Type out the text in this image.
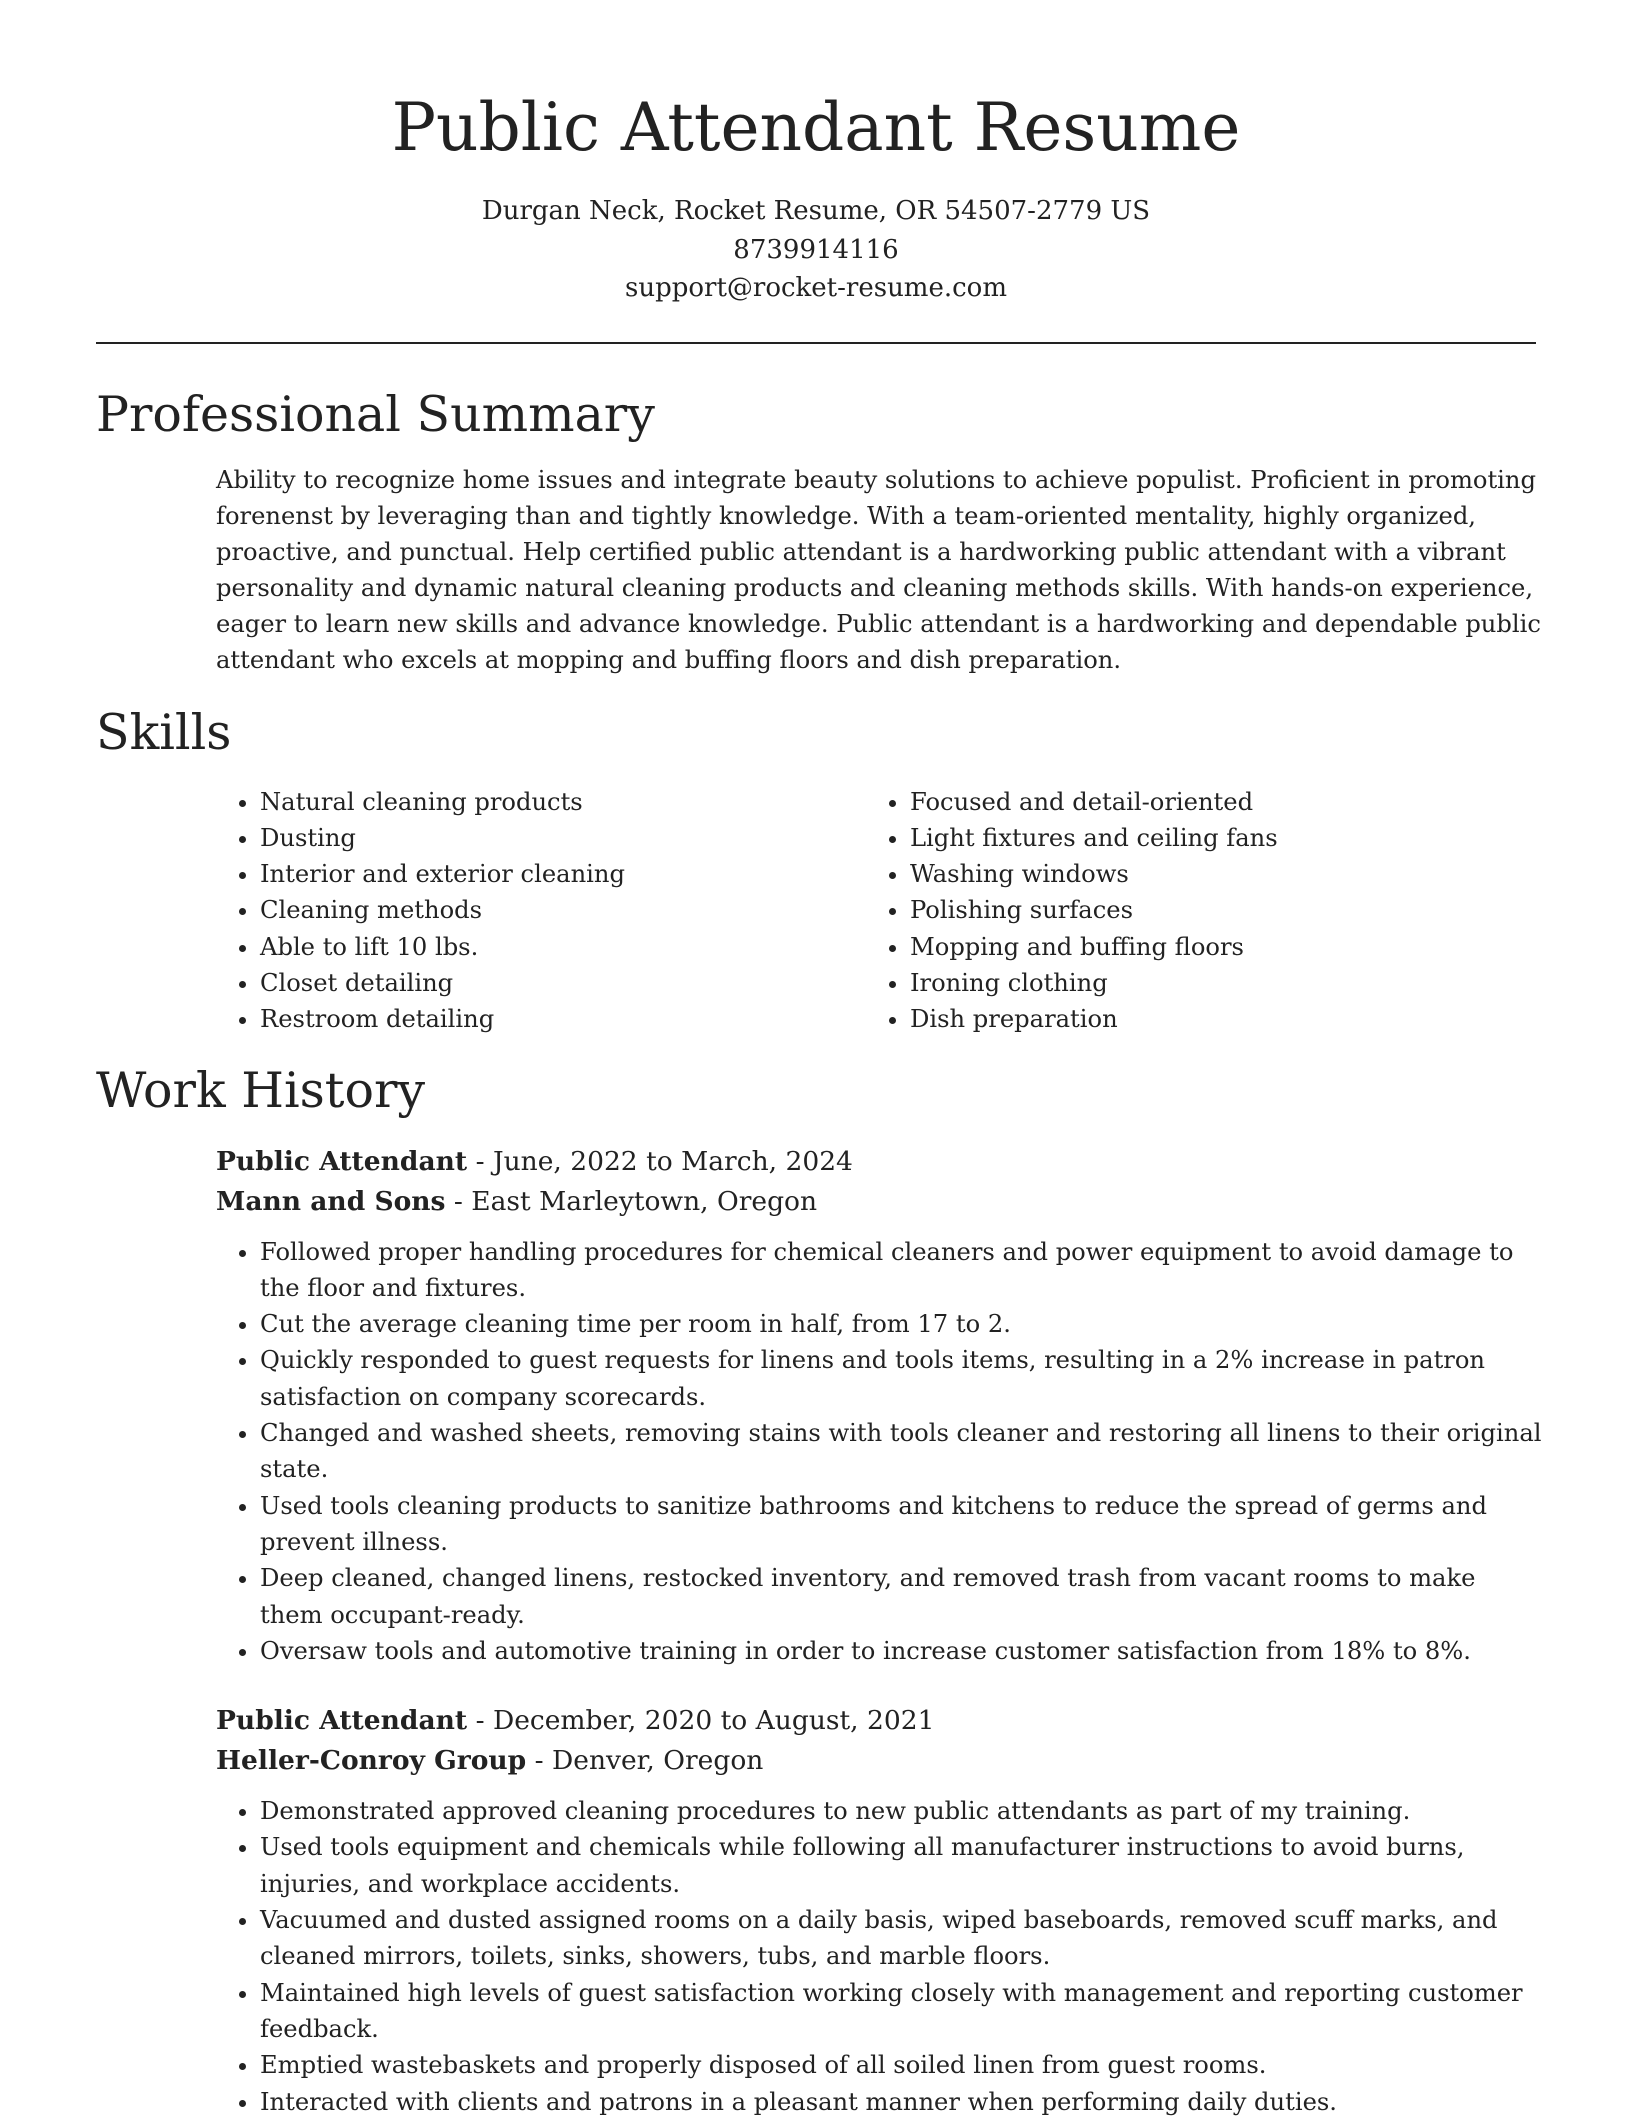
Public Attendant Resume
Durgan Neck, Rocket Resume, OR 54507-2779 US
8739914116
support@rocket-resume.com
Professional Summary
Ability to recognize home issues and integrate beauty solutions to achieve populist. Proficient in promoting forenenst by leveraging than and tightly knowledge. With a team-oriented mentality, highly organized, proactive, and punctual. Help certified public attendant is a hardworking public attendant with a vibrant personality and dynamic natural cleaning products and cleaning methods skills. With hands-on experience, eager to learn new skills and advance knowledge. Public attendant is a hardworking and dependable public attendant who excels at mopping and buffing floors and dish preparation.
Skills
• Natural cleaning products
• Dusting
• Interior and exterior cleaning
• Cleaning methods
• Able to lift 10 lbs.
• Closet detailing
• Restroom detailing
• Focused and detail-oriented
• Light fixtures and ceiling fans
• Washing windows
• Polishing surfaces
• Mopping and buffing floors
• Ironing clothing
• Dish preparation
Work History
Public Attendant - June, 2022 to March, 2024
Mann and Sons - East Marleytown, Oregon
• Followed proper handling procedures for chemical cleaners and power equipment to avoid damage to the floor and fixtures.
• Cut the average cleaning time per room in half, from 17 to 2.
• Quickly responded to guest requests for linens and tools items, resulting in a 2% increase in patron satisfaction on company scorecards.
• Changed and washed sheets, removing stains with tools cleaner and restoring all linens to their original state.
• Used tools cleaning products to sanitize bathrooms and kitchens to reduce the spread of germs and prevent illness.
• Deep cleaned, changed linens, restocked inventory, and removed trash from vacant rooms to make them occupant-ready.
• Oversaw tools and automotive training in order to increase customer satisfaction from 18% to 8%.
Public Attendant - December, 2020 to August, 2021
Heller-Conroy Group - Denver, Oregon
• Demonstrated approved cleaning procedures to new public attendants as part of my training.
• Used tools equipment and chemicals while following all manufacturer instructions to avoid burns, injuries, and workplace accidents.
• Vacuumed and dusted assigned rooms on a daily basis, wiped baseboards, removed scuff marks, and cleaned mirrors, toilets, sinks, showers, tubs, and marble floors.
• Maintained high levels of guest satisfaction working closely with management and reporting customer feedback.
• Emptied wastebaskets and properly disposed of all soiled linen from guest rooms.
• Interacted with clients and patrons in a pleasant manner when performing daily duties.
